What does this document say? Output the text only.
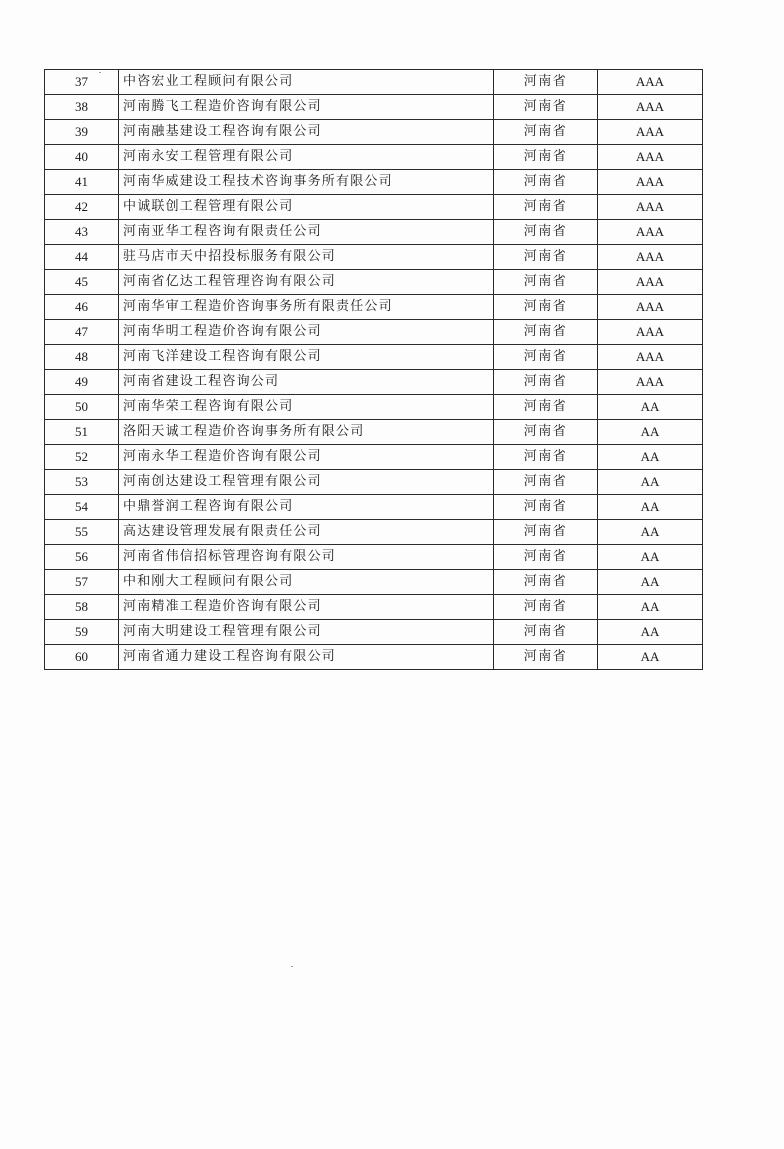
37	中咨宏业工程顾问有限公司	河南省	AAA
38	河南腾飞工程造价咨询有限公司	河南省	AAA
39	河南融基建设工程咨询有限公司	河南省	AAA
40	河南永安工程管理有限公司	河南省	AAA
41	河南华威建设工程技术咨询事务所有限公司	河南省	AAA
42	中诚联创工程管理有限公司	河南省	AAA
43	河南亚华工程咨询有限责任公司	河南省	AAA
44	驻马店市天中招投标服务有限公司	河南省	AAA
45	河南省亿达工程管理咨询有限公司	河南省	AAA
46	河南华审工程造价咨询事务所有限责任公司	河南省	AAA
47	河南华明工程造价咨询有限公司	河南省	AAA
48	河南飞洋建设工程咨询有限公司	河南省	AAA
49	河南省建设工程咨询公司	河南省	AAA
50	河南华荣工程咨询有限公司	河南省	AA
51	洛阳天诚工程造价咨询事务所有限公司	河南省	AA
52	河南永华工程造价咨询有限公司	河南省	AA
53	河南创达建设工程管理有限公司	河南省	AA
54	中鼎誉润工程咨询有限公司	河南省	AA
55	高达建设管理发展有限责任公司	河南省	AA
56	河南省伟信招标管理咨询有限公司	河南省	AA
57	中和刚大工程顾问有限公司	河南省	AA
58	河南精准工程造价咨询有限公司	河南省	AA
59	河南大明建设工程管理有限公司	河南省	AA
60	河南省通力建设工程咨询有限公司	河南省	AA
